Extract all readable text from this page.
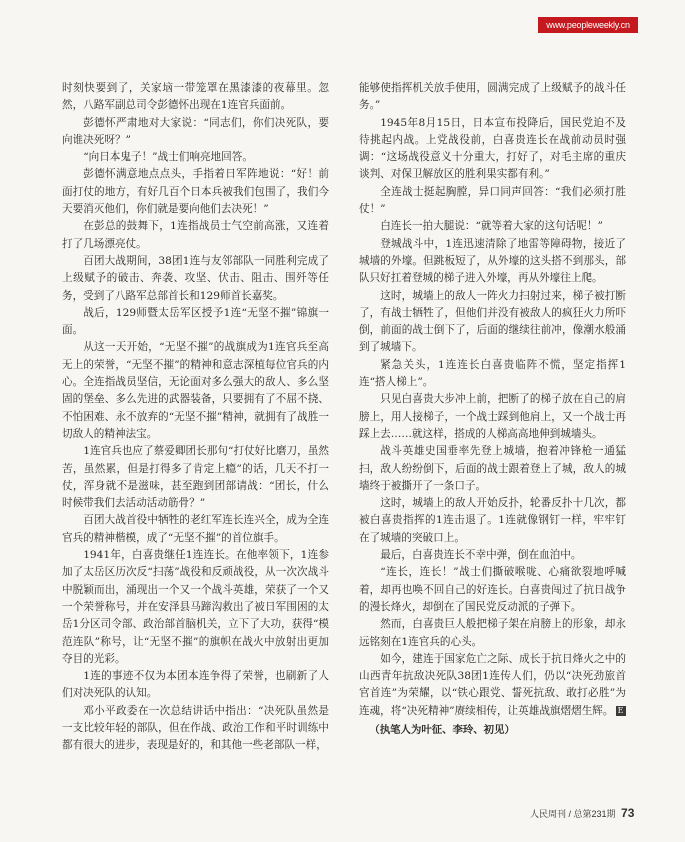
www.peopleweekly.cn

时刻快要到了，关家垴一带笼罩在黑漆漆的夜幕里。忽然，八路军副总司令彭德怀出现在1连官兵面前。

彭德怀严肃地对大家说：“同志们，你们决死队，要向谁决死呀？”

“向日本鬼子！”战士们响亮地回答。

彭德怀满意地点点头，手指着日军阵地说：“好！前面打仗的地方，有好几百个日本兵被我们包围了，我们今天要消灭他们，你们就是要向他们去决死！”

在彭总的鼓舞下，1连指战员士气空前高涨，又连着打了几场漂亮仗。

百团大战期间，38团1连与友邻部队一同胜利完成了上级赋予的破击、奔袭、攻坚、伏击、阻击、围歼等任务，受到了八路军总部首长和129师首长嘉奖。

战后，129师暨太岳军区授予1连“无坚不摧”锦旗一面。

从这一天开始，“无坚不摧”的战旗成为1连官兵至高无上的荣誉，“无坚不摧”的精神和意志深植每位官兵的内心。全连指战员坚信，无论面对多么强大的敌人、多么坚固的堡垒、多么先进的武器装备，只要拥有了不屈不挠、不怕困难、永不放弃的“无坚不摧”精神，就拥有了战胜一切敌人的精神法宝。

1连官兵也应了蔡爱卿团长那句“打仗好比磨刀，虽然苦，虽然累，但是打得多了肯定上瘾”的话，几天不打一仗，浑身就不是滋味，甚至跑到团部请战：“团长，什么时候带我们去活动活动筋骨？”

百团大战首役中牺牲的老红军连长连兴全，成为全连官兵的精神楷模，成了“无坚不摧”的首位旗手。

1941年，白喜贵继任1连连长。在他率领下，1连参加了太岳区历次反“扫荡”战役和反顽战役，从一次次战斗中脱颖而出，涌现出一个又一个战斗英雄，荣获了一个又一个荣誉称号，并在安泽县马蹄沟救出了被日军围困的太岳1分区司令部、政治部首脑机关，立下了大功，获得“模范连队”称号，让“无坚不摧”的旗帜在战火中放射出更加夺目的光彩。

1连的事迹不仅为本团本连争得了荣誉，也刷新了人们对决死队的认知。

邓小平政委在一次总结讲话中指出：“决死队虽然是一支比较年轻的部队，但在作战、政治工作和平时训练中都有很大的进步，表现是好的，和其他一些老部队一样，

能够使指挥机关放手使用，圆满完成了上级赋予的战斗任务。”

1945年8月15日，日本宣布投降后，国民党迫不及待挑起内战。上党战役前，白喜贵连长在战前动员时强调：“这场战役意义十分重大，打好了，对毛主席的重庆谈判、对保卫解放区的胜利果实都有利。”

全连战士挺起胸膛，异口同声回答：“我们必须打胜仗！”

白连长一拍大腿说：“就等着大家的这句话呢！”

登城战斗中，1连迅速清除了地雷等障碍物，接近了城墙的外壕。但跳板短了，从外壕的这头搭不到那头，部队只好扛着登城的梯子进入外壕，再从外壕往上爬。

这时，城墙上的敌人一阵火力扫射过来，梯子被打断了，有战士牺牲了，但他们并没有被敌人的疯狂火力所吓倒，前面的战士倒下了，后面的继续往前冲，像潮水般涌到了城墙下。

紧急关头，1连连长白喜贵临阵不慌，坚定指挥1连“搭人梯上”。

只见白喜贵大步冲上前，把断了的梯子放在自己的肩膀上，用人接梯子，一个战士踩到他肩上，又一个战士再踩上去……就这样，搭成的人梯高高地伸到城墙头。

战斗英雄史国垂率先登上城墙，抱着冲锋枪一通猛扫，敌人纷纷倒下，后面的战士跟着登上了城，敌人的城墙终于被撕开了一条口子。

这时，城墙上的敌人开始反扑，轮番反扑十几次，都被白喜贵指挥的1连击退了。1连就像钢钉一样，牢牢钉在了城墙的突破口上。

最后，白喜贵连长不幸中弹，倒在血泊中。

“连长，连长！”战士们撕破喉咙、心痛欲裂地呼喊着，却再也唤不回自己的好连长。白喜贵闯过了抗日战争的漫长烽火，却倒在了国民党反动派的子弹下。

然而，白喜贵巨人般把梯子架在肩膀上的形象，却永远铭刻在1连官兵的心头。

如今，建连于国家危亡之际、成长于抗日烽火之中的山西青年抗敌决死队38团1连传人们，仍以“决死劲旅首官首连”为荣耀，以“铁心跟党、誓死抗敌、敢打必胜”为连魂，将“决死精神”赓续相传，让英雄战旗熠熠生辉。 E

（执笔人为叶征、李玲、初见）

人民周刊 / 总第231期 73
